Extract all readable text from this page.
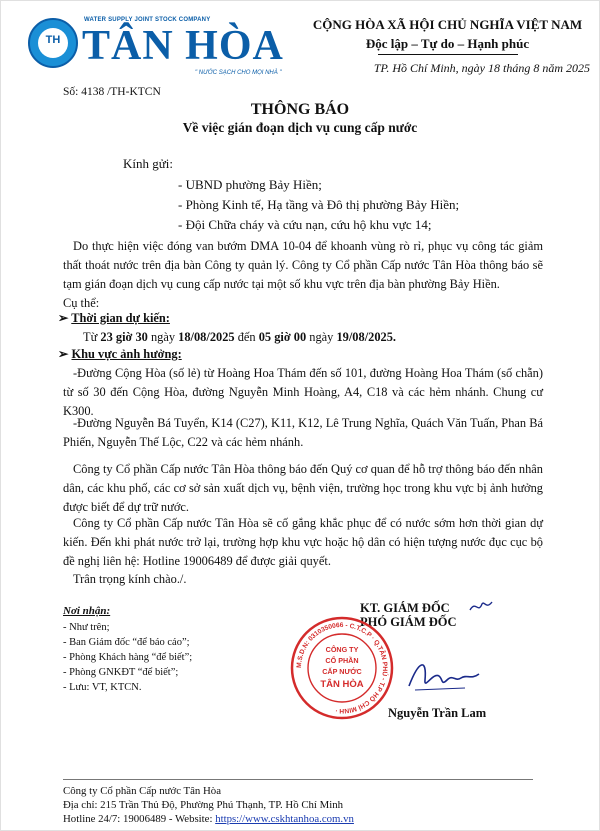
TH
WATER SUPPLY JOINT STOCK COMPANY
TÂN HÒA
" NƯỚC SẠCH CHO MỌI NHÀ "
CỘNG HÒA XÃ HỘI CHỦ NGHĨA VIỆT NAM
Độc lập – Tự do – Hạnh phúc
TP. Hồ Chí Minh, ngày 18 tháng 8 năm 2025
Số: 4138 /TH-KTCN
THÔNG BÁO
Về việc gián đoạn dịch vụ cung cấp nước
Kính gửi:
- UBND phường Bảy Hiền;
- Phòng Kinh tế, Hạ tầng và Đô thị phường Bảy Hiền;
- Đội Chữa cháy và cứu nạn, cứu hộ khu vực 14;
Do thực hiện việc đóng van bướm DMA 10-04 để khoanh vùng rò rỉ, phục vụ công tác giảm thất thoát nước trên địa bàn Công ty quản lý. Công ty Cổ phần Cấp nước Tân Hòa thông báo sẽ tạm gián đoạn dịch vụ cung cấp nước tại một số khu vực trên địa bàn phường Bảy Hiền.
Cụ thể:
➢ Thời gian dự kiến:
Từ 23 giờ 30 ngày 18/08/2025 đến 05 giờ 00 ngày 19/08/2025.
➢ Khu vực ảnh hưởng:
-Đường Cộng Hòa (số lẻ) từ Hoàng Hoa Thám đến số 101, đường Hoàng Hoa Thám (số chẵn) từ số 30 đến Cộng Hòa, đường Nguyễn Minh Hoàng, A4, C18 và các hẻm nhánh. Chung cư K300.
-Đường Nguyễn Bá Tuyển, K14 (C27), K11, K12, Lê Trung Nghĩa, Quách Văn Tuấn, Phan Bá Phiến, Nguyễn Thế Lộc, C22 và các hẻm nhánh.
Công ty Cổ phần Cấp nước Tân Hòa thông báo đến Quý cơ quan để hỗ trợ thông báo đến nhân dân, các khu phố, các cơ sở sản xuất dịch vụ, bệnh viện, trường học trong khu vực bị ảnh hưởng được biết để dự trữ nước.
Công ty Cổ phần Cấp nước Tân Hòa sẽ cố gắng khắc phục để có nước sớm hơn thời gian dự kiến. Đến khi phát nước trở lại, trường hợp khu vực hoặc hộ dân có hiện tượng nước đục cục bộ đề nghị liên hệ: Hotline 19006489 để được giải quyết.
Trân trọng kính chào./.
Nơi nhận:
- Như trên;
- Ban Giám đốc “để báo cáo”;
- Phòng Khách hàng “để biết”;
- Phòng GNKĐT “để biết”;
- Lưu: VT, KTCN.
KT. GIÁM ĐỐC
PHÓ GIÁM ĐỐC
M.S.D.N: 0310350066 - C.T.C.P · Q.TÂN PHÚ - T.P HỒ CHÍ MINH ·
CÔNG TY
CỔ PHẦN
CẤP NƯỚC
TÂN HÒA
Nguyễn Trần Lam
Công ty Cổ phần Cấp nước Tân Hòa
Địa chỉ: 215 Trần Thủ Độ, Phường Phú Thạnh, TP. Hồ Chí Minh
Hotline 24/7: 19006489 - Website: https://www.cskhtanhoa.com.vn
